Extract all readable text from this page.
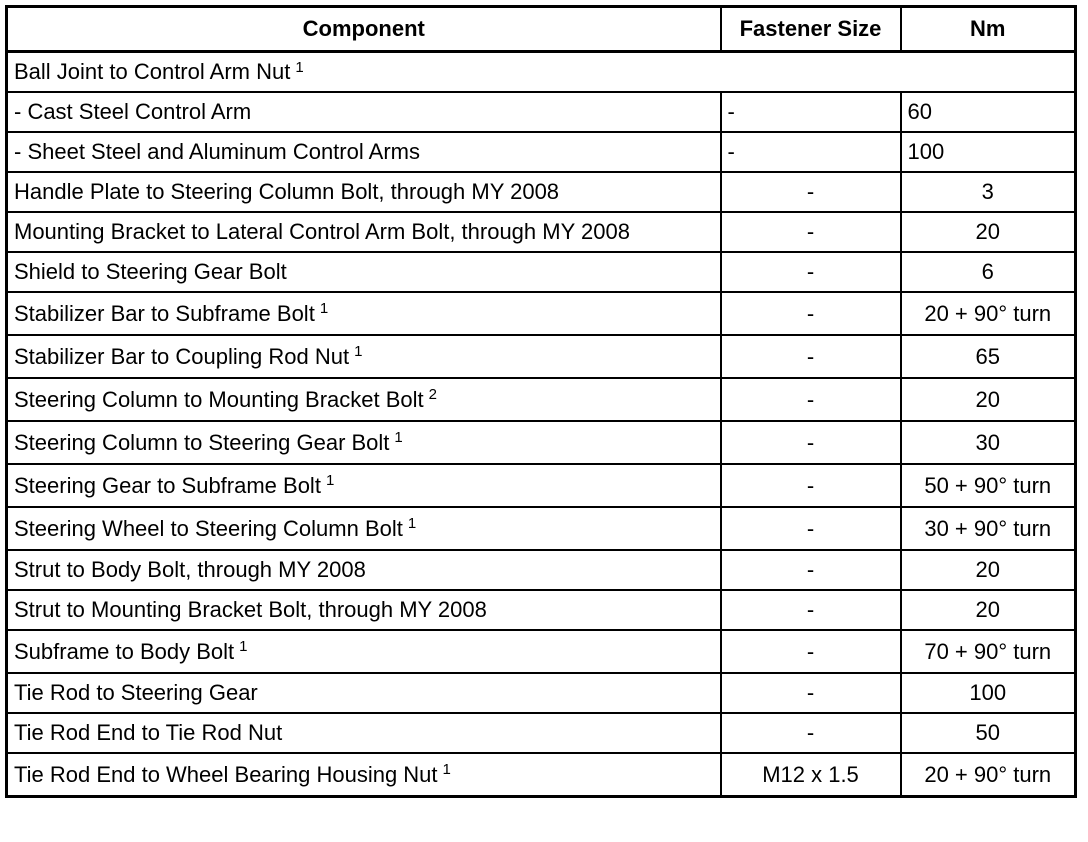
Component	Fastener Size	Nm
Ball Joint to Control Arm Nut $^1$
- Cast Steel Control Arm	-	60
- Sheet Steel and Aluminum Control Arms	-	100
Handle Plate to Steering Column Bolt, through MY 2008	-	3
Mounting Bracket to Lateral Control Arm Bolt, through MY 2008	-	20
Shield to Steering Gear Bolt	-	6
Stabilizer Bar to Subframe Bolt $^1$	-	20 + 90° turn
Stabilizer Bar to Coupling Rod Nut $^1$	-	65
Steering Column to Mounting Bracket Bolt $^2$	-	20
Steering Column to Steering Gear Bolt $^1$	-	30
Steering Gear to Subframe Bolt $^1$	-	50 + 90° turn
Steering Wheel to Steering Column Bolt $^1$	-	30 + 90° turn
Strut to Body Bolt, through MY 2008	-	20
Strut to Mounting Bracket Bolt, through MY 2008	-	20
Subframe to Body Bolt $^1$	-	70 + 90° turn
Tie Rod to Steering Gear	-	100
Tie Rod End to Tie Rod Nut	-	50
Tie Rod End to Wheel Bearing Housing Nut $^1$	M12 x 1.5	20 + 90° turn
